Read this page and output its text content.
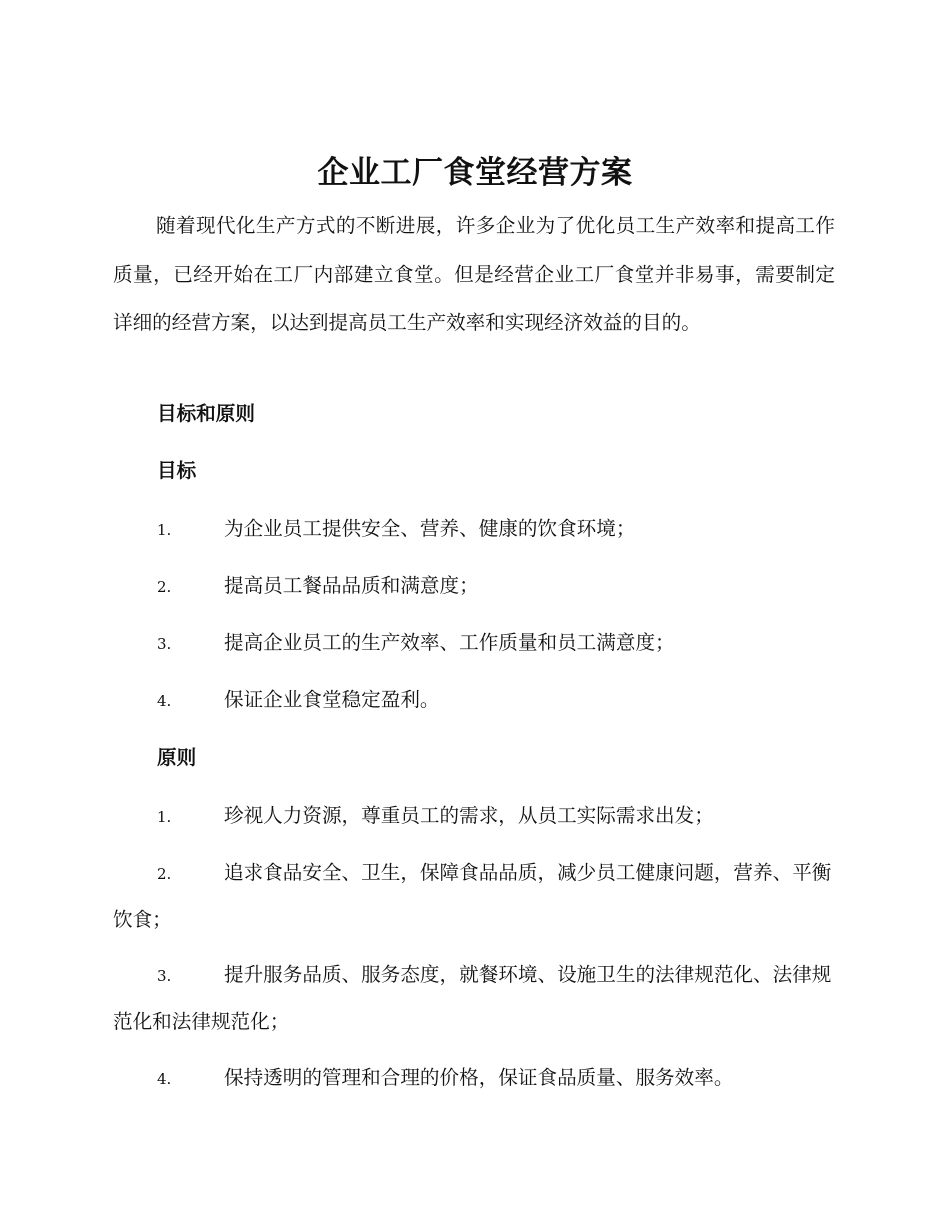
企业工厂食堂经营方案

随着现代化生产方式的不断进展，许多企业为了优化员工生产效率和提高工作质量，已经开始在工厂内部建立食堂。但是经营企业工厂食堂并非易事，需要制定详细的经营方案，以达到提高员工生产效率和实现经济效益的目的。

目标和原则
目标

1.	为企业员工提供安全、营养、健康的饮食环境；

2.	提高员工餐品品质和满意度；

3.	提高企业员工的生产效率、工作质量和员工满意度；

4.	保证企业食堂稳定盈利。

原则

1.	珍视人力资源，尊重员工的需求，从员工实际需求出发；

2.	追求食品安全、卫生，保障食品品质，减少员工健康问题，营养、平衡饮食；

3.	提升服务品质、服务态度，就餐环境、设施卫生的法律规范化、法律规范化和法律规范化；

4.	保持透明的管理和合理的价格，保证食品质量、服务效率。
